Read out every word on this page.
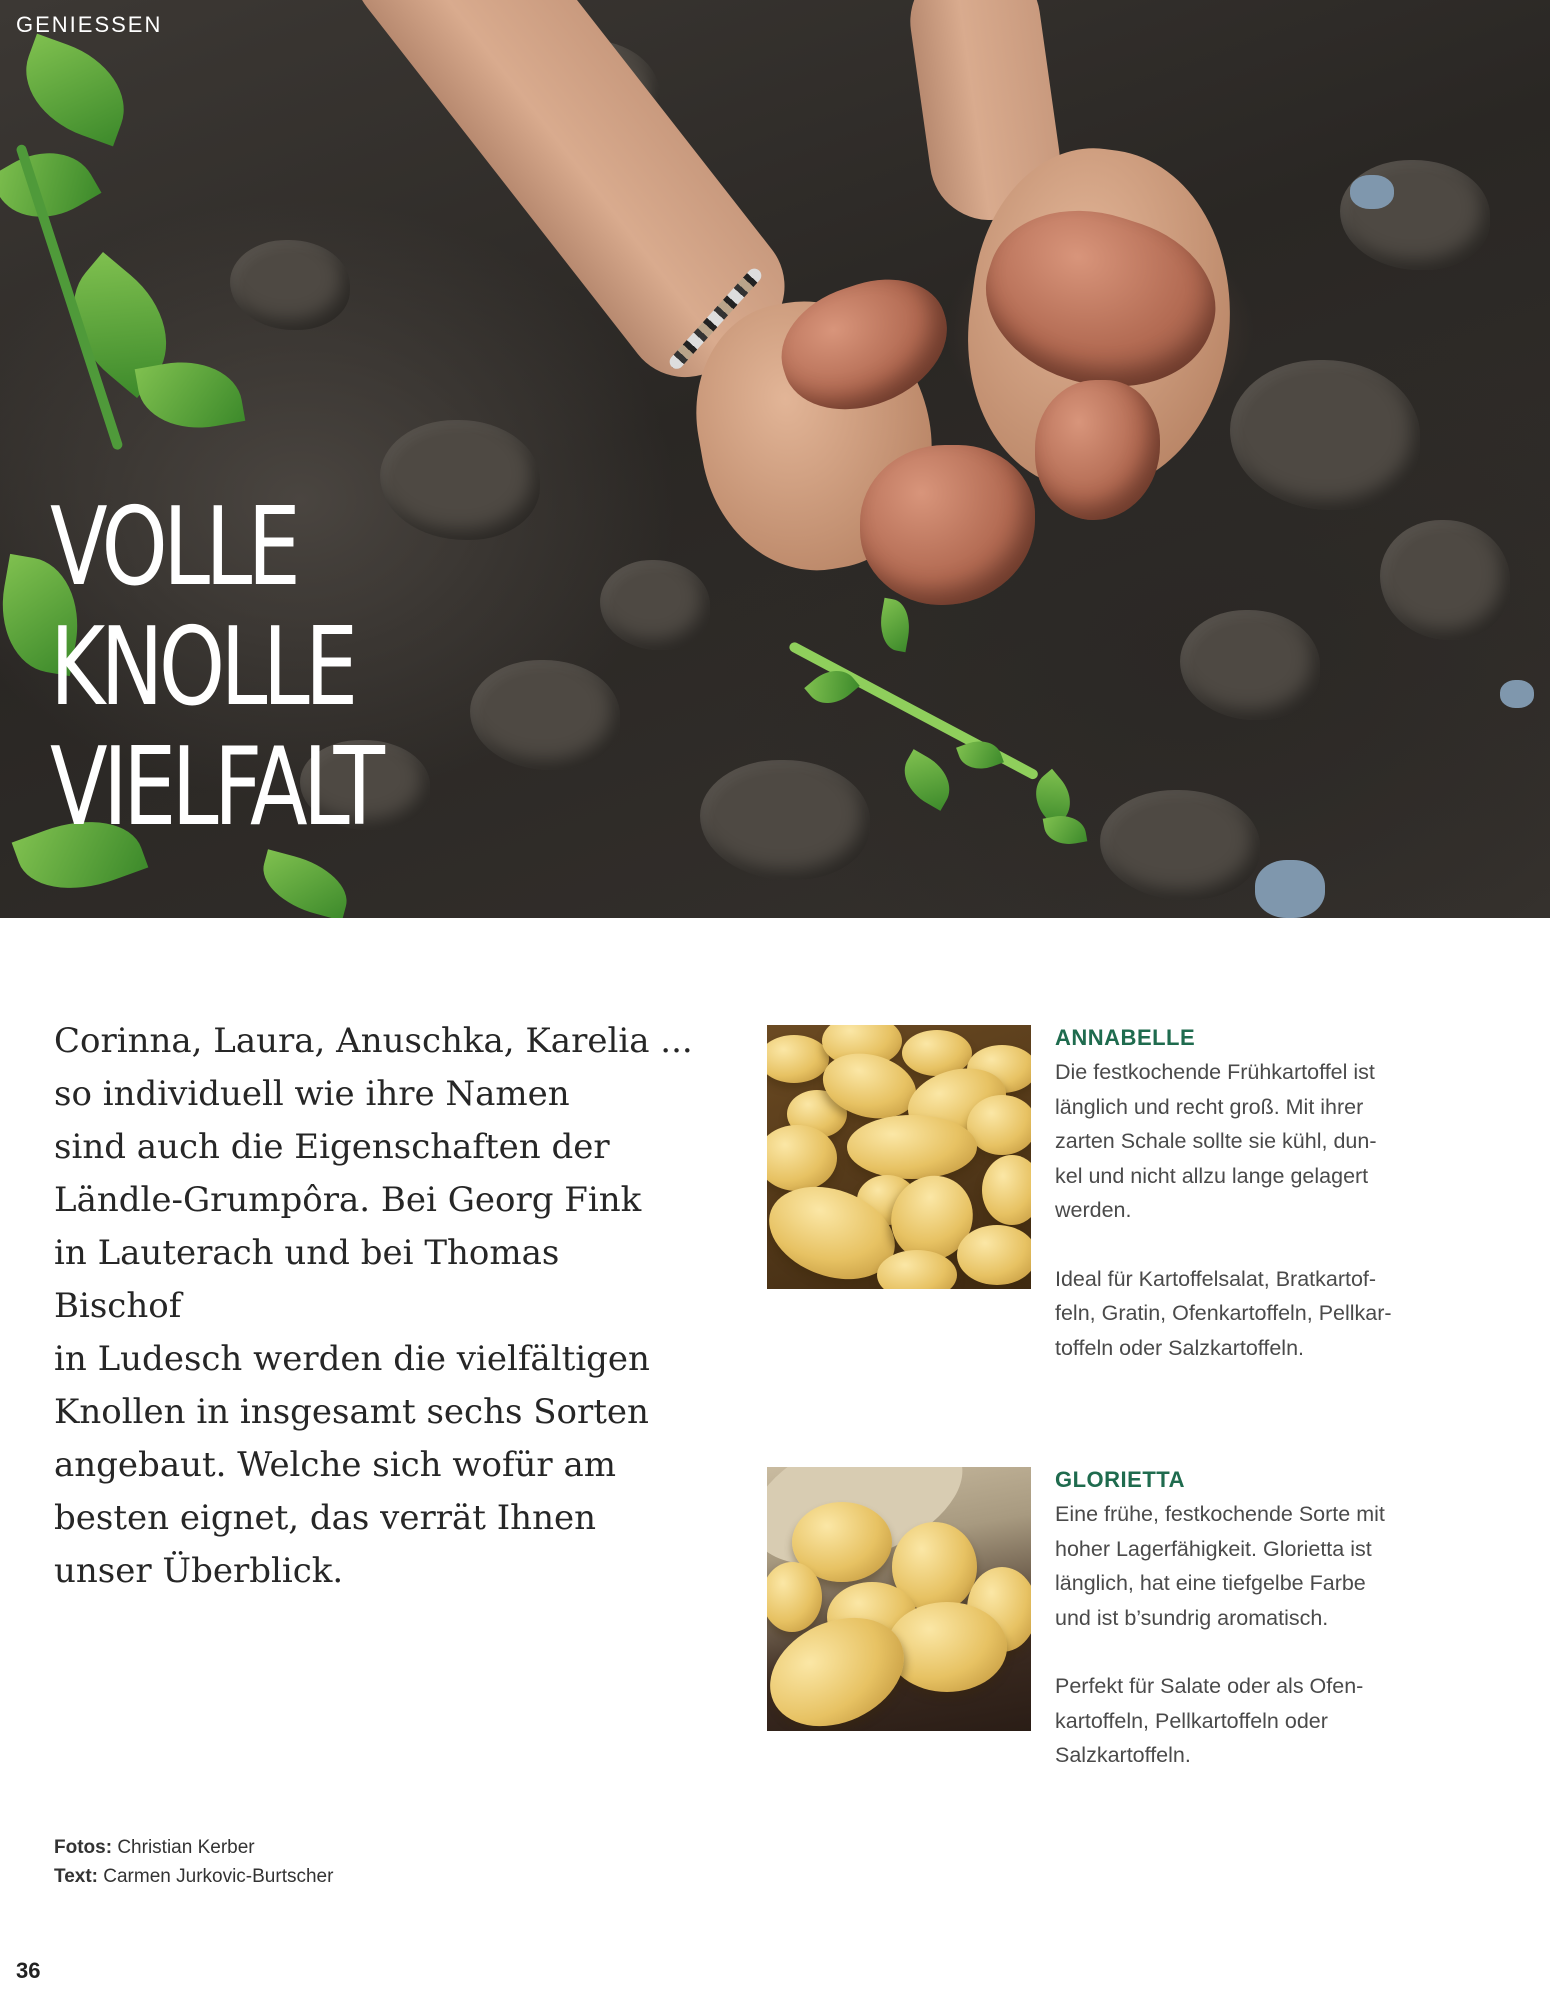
GENIESSEN

VOLLE
KNOLLE
VIELFALT
Corinna, Laura, Anuschka, Karelia ...
so individuell wie ihre Namen
sind auch die Eigenschaften der
Ländle-Grumpôra. Bei Georg Fink
in Lauterach und bei Thomas Bischof
in Ludesch werden die vielfältigen
Knollen in insgesamt sechs Sorten
angebaut. Welche sich wofür am
besten eignet, das verrät Ihnen
unser Überblick.
ANNABELLE

Die festkochende Frühkartoffel ist
länglich und recht groß. Mit ihrer
zarten Schale sollte sie kühl, dun-
kel und nicht allzu lange gelagert
werden.

Ideal für Kartoffelsalat, Bratkartof-
feln, Gratin, Ofenkartoffeln, Pellkar-
toffeln oder Salzkartoffeln.

GLORIETTA

Eine frühe, festkochende Sorte mit
hoher Lagerfähigkeit. Glorietta ist
länglich, hat eine tiefgelbe Farbe
und ist b’sundrig aromatisch.

Perfekt für Salate oder als Ofen-
kartoffeln, Pellkartoffeln oder
Salzkartoffeln.

Fotos: Christian Kerber
Text: Carmen Jurkovic-Burtscher

36
